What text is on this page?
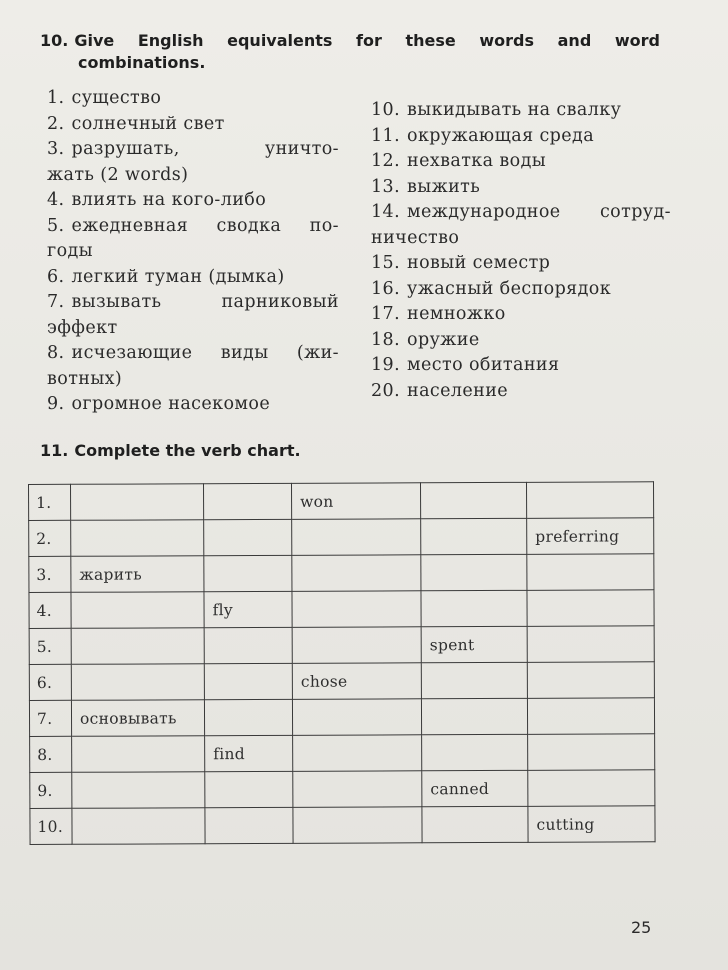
10. Give English equivalents for these words and word
combinations.
1. существо
2. солнечный свет
3. разрушать, уничто-
жать (2 words)
4. влиять на кого-либо
5. ежедневная сводка по-
годы
6. легкий туман (дымка)
7. вызывать парниковый
эффект
8. исчезающие виды (жи-
вотных)
9. огромное насекомое
10. выкидывать на свалку
11. окружающая среда
12. нехватка воды
13. выжить
14. международное сотруд-
ничество
15. новый семестр
16. ужасный беспорядок
17. немножко
18. оружие
19. место обитания
20. население
11. Complete the verb chart.
1.			won		
2.					preferring
3.	жарить				
4.		fly			
5.				spent	
6.			chose		
7.	основывать				
8.		find			
9.				canned	
10.					cutting
25
